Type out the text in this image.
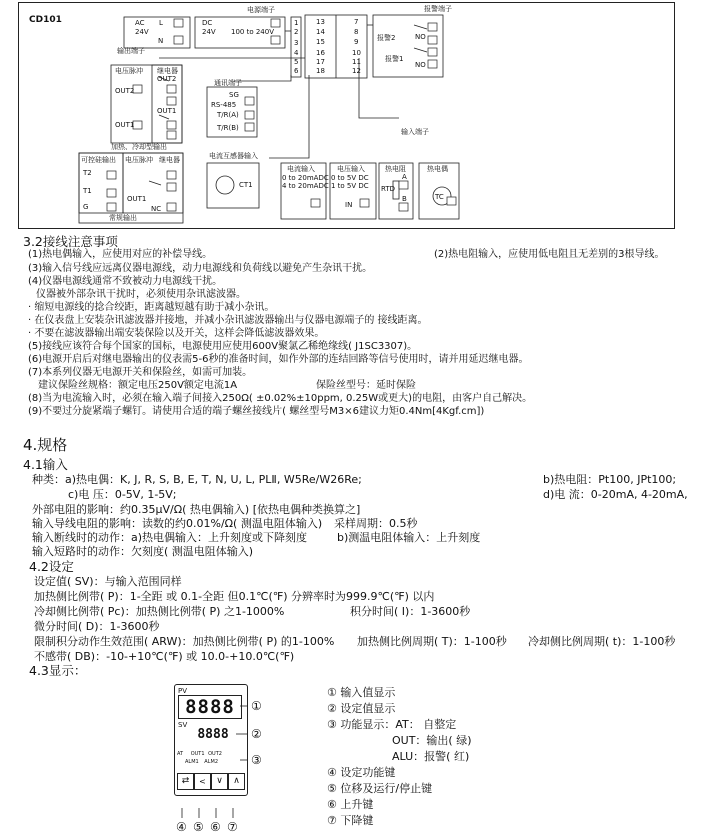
CD101
电源端子
AC L
N
24V
DC
24V 100 to 240V
输出端子
报警端子
报警2
报警1
NO
NO
通讯端子
SG
RS-485
T/R(A)
T/R(B)	输入端子
电流互感器输入
CT1
电压脉冲 继电器
OUT2
OUT2
OUT1
OUT1
加热、冷却型输出
可控硅输出
T2
T1
G
电压脉冲 继电器
OUT1
NC
常规输出
电流输入
0 to 20mADC
4 to 20mADC
电压输入
0 to 5V DC
1 to 5V DC
IN
热电阻
RTD
A
B
热电偶
TC
1
2
3
4
5
6
7
8
9
10
11
12
13
14
15
16
17
18
3.2接线注意事项
(1)热电偶输入，应使用对应的补偿导线。	(2)热电阻输入，应使用低电阻且无差别的3根导线。
(3)输入信号线应远离仪器电源线，动力电源线和负荷线以避免产生杂讯干扰。
(4)仪器电源线通常不致被动力电源线干扰。
仪器被外部杂讯干扰时，必须使用杂讯滤波器。
· 缩短电源线的捻合绞距，距离越短越有助于减小杂讯。
· 在仪表盘上安装杂讯滤波器并接地，并减小杂讯滤波器输出与仪器电源端子的 接线距离。
· 不要在滤波器输出端安装保险以及开关，这样会降低滤波器效果。
(5)接线应该符合每个国家的国标，电源使用应使用600V聚氯乙稀绝缘线( J1SC3307)。
(6)电源开启后对继电器输出的仪表需5-6秒的准备时间，如作外部的连结回路等信号使用时，请并用延迟继电器。
(7)本系列仪器无电源开关和保险丝，如需可加装。
建议保险丝规格：额定电压250V额定电流1A	保险丝型号：延时保险
(8)当为电流输入时，必须在输入端子间接入250Ω( ±0.02%±10ppm, 0.25W或更大)的电阻，由客户自己解决。
(9)不要过分旋紧端子螺钉。请使用合适的端子螺丝接线片( 螺丝型号M3×6建议力矩0.4Nm[4Kgf.cm])
4.规格
4.1输入
种类：a)热电偶：K, J, R, S, B, E, T, N, U, L, PLⅡ, W5Re/W26Re;	b)热电阻：Pt100, JPt100;
c)电 压：0-5V, 1-5V;	d)电 流：0-20mA, 4-20mA,
外部电阻的影响：约0.35μV/Ω( 热电偶输入) [依热电偶种类换算之]
输入导线电阻的影响：读数的约0.01%/Ω( 测温电阻体输入) 采样周期：0.5秒
输入断线时的动作：a)热电偶输入：上升刻度或下降刻度	b)测温电阻体输入：上升刻度
输入短路时的动作：欠刻度( 测温电阻体输入)
4.2设定
设定值( SV)：与输入范围同样
加热侧比例带( P)：1-全距 或 0.1-全距 但0.1℃(℉) 分辨率时为999.9℃(℉) 以内
冷却侧比例带( Pc)：加热侧比例带( P) 之1-1000%	积分时间( I)：1-3600秒
微分时间( D)：1-3600秒
限制积分动作生效范围( ARW)：加热侧比例带( P) 的1-100% 加热侧比例周期( T)：1-100秒 冷却侧比例周期( t)：1-100秒
不感带( DB)：-10-+10℃(℉) 或 10.0-+10.0℃(℉)
4.3显示：
PV
8888
SV
8888
AT OUT1 OUT2
ALM1 ALM2
⇄	<	∨	∧
①
②
③
④ ⑤ ⑥ ⑦
① 输入值显示
② 设定值显示
③ 功能显示：AT： 自整定
OUT：输出( 绿)
ALU：报警( 红)
④ 设定功能键
⑤ 位移及运行/停止键
⑥ 上升键
⑦ 下降键
